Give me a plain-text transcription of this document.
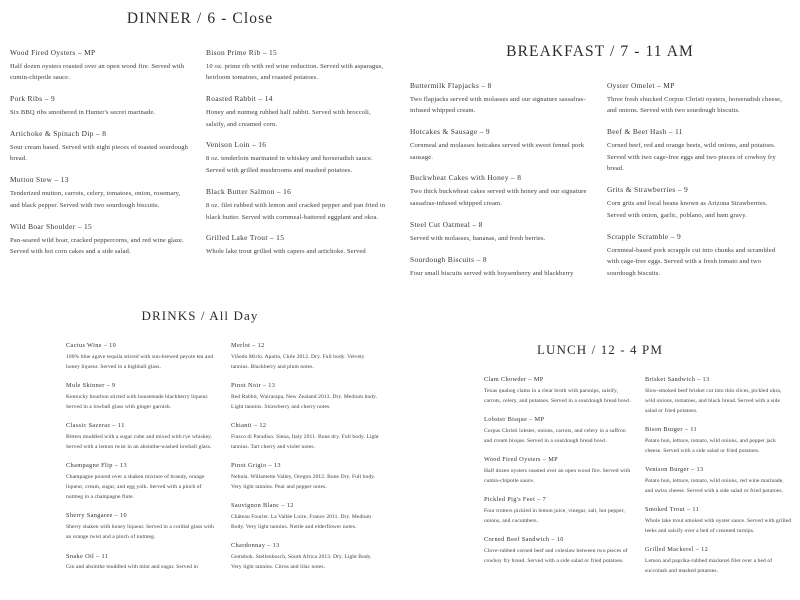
DINNER / 6 - Close

Wood Fired Oysters – MP

Half dozen oysters roasted over an open wood fire. Served with cumin-chipotle sauce.

Pork Ribs – 9

Six BBQ ribs smothered in Hunter's secret marinade.

Artichoke & Spinach Dip – 8

Sour cream based. Served with eight pieces of toasted sourdough bread.

Mutton Stew – 13

Tenderized mutton, carrots, celery, tomatoes, onion, rosemary, and black pepper. Served with two sourdough biscuits.

Wild Boar Shoulder – 15

Pan-seared wild boar, cracked peppercorns, and red wine glaze. Served with hot corn cakes and a side salad.

Bison Prime Rib – 15

10 oz. prime rib with red wine reduction. Served with asparagus, heirloom tomatoes, and roasted potatoes.

Roasted Rabbit – 14

Honey and nutmeg rubbed half rabbit. Served with broccoli, salsify, and creamed corn.

Venison Loin – 16

8 oz. tenderloin marinated in whiskey and horseradish sauce. Served with grilled mushrooms and mashed potatoes.

Black Butter Salmon – 16

8 oz. filet rubbed with lemon and cracked pepper and pan fried in black butter. Served with cornmeal-battered eggplant and okra.

Grilled Lake Trout – 15

Whole lake trout grilled with capers and artichoke. Served

BREAKFAST / 7 - 11 AM

Buttermilk Flapjacks – 8

Two flapjacks served with molasses and our signature sassafras-infused whipped cream.

Hotcakes & Sausage – 9

Cornmeal and molasses hotcakes served with sweet fennel pork sausage.

Buckwheat Cakes with Honey – 8

Two thick buckwheat cakes served with honey and our signature sassafras-infused whipped cream.

Steel Cut Oatmeal – 8

Served with molasses, bananas, and fresh berries.

Sourdough Biscuits – 8

Four small biscuits served with boysenberry and blackberry

Oyster Omelet – MP

Three fresh shucked Corpus Christi oysters, horseradish cheese, and onions. Served with two sourdough biscuits.

Beef & Beet Hash – 11

Corned beef, red and orange beets, wild onions, and potatoes. Served with two cage-free eggs and two pieces of cowboy fry bread.

Grits & Strawberries – 9

Corn grits and local beans known as Arizona Strawberries. Served with onion, garlic, poblano, and ham gravy.

Scrapple Scramble – 9

Cornmeal-based pork scrapple cut into chunks and scrambled with cage-free eggs. Served with a fresh tomato and two sourdough biscuits.

DRINKS / All Day

Cactus Wine – 10

100% blue agave tequila stirred with sun-brewed peyote tea and honey liqueur. Served in a highball glass.

Mule Skinner – 9

Kentucky bourbon stirred with housemade blackberry liqueur. Served in a lowball glass with ginger garnish.

Classic Sazerac – 11

Bitters muddled with a sugar cube and mixed with rye whiskey. Served with a lemon twist in an absinthe-washed lowball glass.

Champagne Flip – 13

Champagne poured over a shaken mixture of brandy, orange liqueur, cream, sugar, and egg yolk. Served with a pinch of nutmeg in a champagne flute.

Sherry Sangaree – 10

Sherry shaken with honey liqueur. Served in a cordial glass with an orange twist and a pinch of nutmeg.

Snake Oil – 11

Gin and absinthe muddled with mint and sugar. Served in

Merlot – 12

Viñedo Mirlo. Apalta, Chile 2012. Dry. Full body. Velvety tannins. Blackberry and plum notes.

Pinot Noir – 13

Red Rabbit, Wairarapa, New Zealand 2013. Dry. Medium body. Light tannins. Strawberry and cherry notes.

Chianti – 12

Fiasco di Paradiso. Siena, Italy 2011. Bone dry. Full body. Light tannins. Tart cherry and violet notes.

Pinot Grigio – 13

Nebula. Willamette Valley, Oregon 2012. Bone Dry. Full body. Very light tannins. Pear and pepper notes.

Sauvignon Blanc – 12

Château Fourier. La Vallée Loire, France 2011. Dry. Medium Body. Very light tannins. Nettle and elderflower notes.

Chardonnay – 13

Gemsbok. Stellenbosch, South Africa 2013. Dry. Light Body. Very light tannins. Citrus and lilac notes.

LUNCH / 12 - 4 PM

Clam Chowder – MP

Texas quahog clams in a clear broth with parsnips, salsify, carrots, celery, and potatoes. Served in a sourdough bread bowl.

Lobster Bisque – MP

Corpus Christi lobster, onions, carrots, and celery in a saffron and cream bisque. Served in a sourdough bread bowl.

Wood Fired Oysters – MP

Half dozen oysters roasted over an open wood fire. Served with cumin-chipotle sauce.

Pickled Pig's Feet – 7

Four trotters pickled in lemon juice, vinegar, salt, hot pepper, onions, and cucumbers.

Corned Beef Sandwich – 10

Clove-rubbed corned beef and coleslaw between two pieces of cowboy fry bread. Served with a side salad or fried potatoes.

Brisket Sandwich – 13

Slow-smoked beef brisket cut into thin slices, pickled okra, wild onions, tomatoes, and black bread. Served with a side salad or fried potatoes.

Bison Burger – 11

Potato bun, lettuce, tomato, wild onions, and pepper jack cheese. Served with a side salad or fried potatoes.

Venison Burger – 13

Potato bun, lettuce, tomato, wild onions, red wine marinade, and swiss cheese. Served with a side salad or fried potatoes.

Smoked Trout – 11

Whole lake trout smoked with oyster sauce. Served with grilled leeks and salsify over a bed of creamed turnips.

Grilled Mackerel – 12

Lemon and paprika-rubbed mackerel filet over a bed of succotash and mashed potatoes.
